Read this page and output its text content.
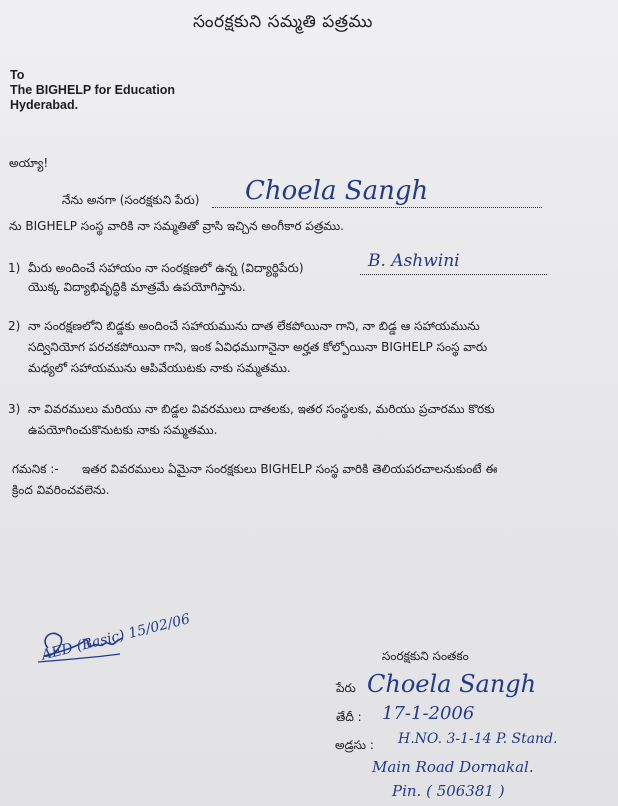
సంరక్షకుని సమ్మతి పత్రము
To
The BIGHELP for Education
Hyderabad.
అయ్యా!
నేను అనగా (సంరక్షకుని పేరు) Choela Sangh
ను BIGHELP సంస్థ వారికి నా సమ్మతితో వ్రాసి ఇచ్చిన అంగీకార పత్రము.
1) మీరు అందించే సహాయం నా సంరక్షణలో ఉన్న (విద్యార్థిపేరు)	B. Ashwini
యొక్క విద్యాభివృద్ధికి మాత్రమే ఉపయోగిస్తాను.
2) నా సంరక్షణలోని బిడ్డకు అందించే సహాయమును దాత లేకపోయినా గాని, నా బిడ్డ ఆ సహాయమును
సద్వినియోగ పరచకపోయినా గాని, ఇంక ఏవిధముగానైనా అర్హత కోల్పోయినా BIGHELP సంస్థ వారు
మధ్యలో సహాయమును ఆపివేయుటకు నాకు సమ్మతము.
3) నా వివరములు మరియు నా బిడ్డల వివరములు దాతలకు, ఇతర సంస్థలకు, మరియు ప్రచారము కొరకు
ఉపయోగించుకొనుటకు నాకు సమ్మతము.
గమనిక :- ఇతర వివరములు ఏమైనా సంరక్షకులు BIGHELP సంస్థ వారికి తెలియపరచాలనుకుంటే ఈ
క్రింద వివరించవలెను.
AED (Basic) 15/02/06	సంరక్షకుని సంతకం
పేరు Choela Sangh
తేదీ : 17-1-2006
అడ్రసు : H.NO. 3-1-14 P. Stand.
Main Road Dornakal.
Pin. ( 506381 )
